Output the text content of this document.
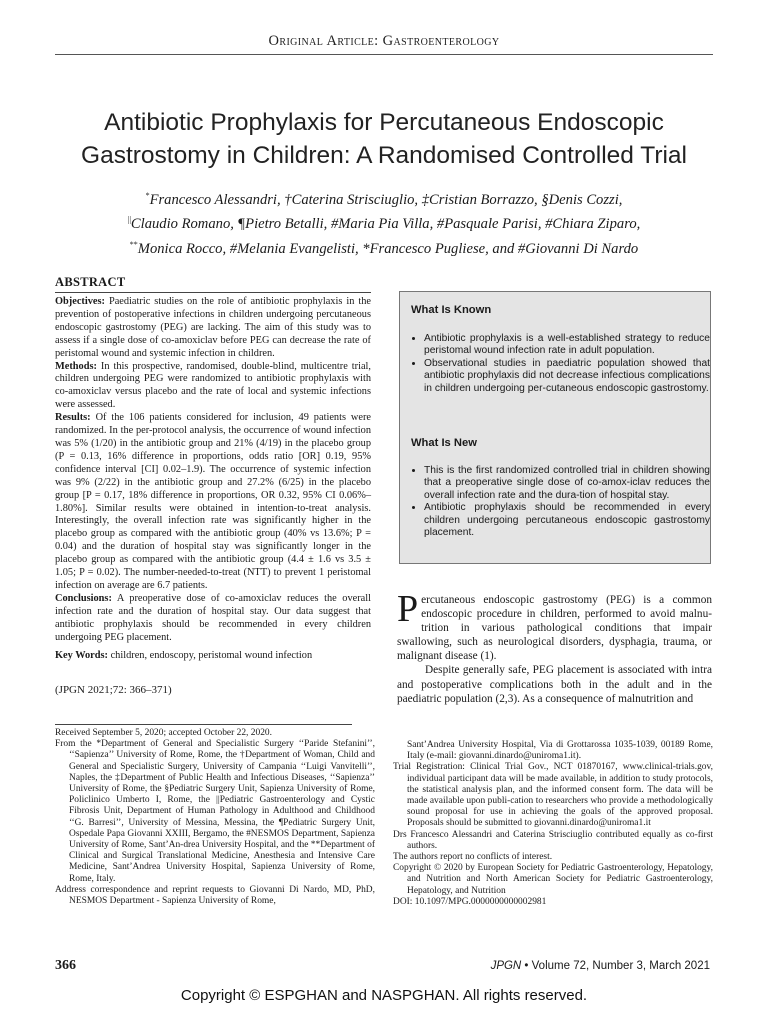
Original Article: Gastroenterology
Antibiotic Prophylaxis for Percutaneous Endoscopic
Gastrostomy in Children: A Randomised Controlled Trial
*Francesco Alessandri, †Caterina Strisciuglio, ‡Cristian Borrazzo, §Denis Cozzi,
||Claudio Romano, ¶Pietro Betalli, #Maria Pia Villa, #Pasquale Parisi, #Chiara Ziparo,
**Monica Rocco, #Melania Evangelisti, *Francesco Pugliese, and #Giovanni Di Nardo
ABSTRACT

Objectives: Paediatric studies on the role of antibiotic prophylaxis in the prevention of postoperative infections in children undergoing percutaneous endoscopic gastrostomy (PEG) are lacking. The aim of this study was to assess if a single dose of co-amoxiclav before PEG can decrease the rate of peristomal wound and systemic infection in children.

Methods: In this prospective, randomised, double-blind, multicentre trial, children undergoing PEG were randomized to antibiotic prophylaxis with co-amoxiclav versus placebo and the rate of local and systemic infections were assessed.

Results: Of the 106 patients considered for inclusion, 49 patients were randomized. In the per-protocol analysis, the occurrence of wound infection was 5% (1/20) in the antibiotic group and 21% (4/19) in the placebo group (P = 0.13, 16% difference in proportions, odds ratio [OR] 0.19, 95% confidence interval [CI] 0.02–1.9). The occurrence of systemic infection was 9% (2/22) in the antibiotic group and 27.2% (6/25) in the placebo group [P = 0.17, 18% difference in proportions, OR 0.32, 95% CI 0.06%–1.80%]. Similar results were obtained in intention-to-treat analysis. Interestingly, the overall infection rate was significantly higher in the placebo group as compared with the antibiotic group (40% vs 13.6%; P = 0.04) and the duration of hospital stay was significantly longer in the placebo group as compared with the antibiotic group (4.4 ± 1.6 vs 3.5 ± 1.05; P = 0.02). The number-needed-to-treat (NTT) to prevent 1 peristomal infection on average are 6.7 patients.

Conclusions: A preoperative dose of co-amoxiclav reduces the overall infection rate and the duration of hospital stay. Our data suggest that antibiotic prophylaxis should be recommended in every children undergoing PEG placement.

Key Words: children, endoscopy, peristomal wound infection

(JPGN 2021;72: 366–371)
What Is Known
• Antibiotic prophylaxis is a well-established strategy to reduce peristomal wound infection rate in adult population.
• Observational studies in paediatric population showed that antibiotic prophylaxis did not decrease infectious complications in children undergoing per-cutaneous endoscopic gastrostomy.
What Is New
• This is the first randomized controlled trial in children showing that a preoperative single dose of co-amox-iclav reduces the overall infection rate and the dura-tion of hospital stay.
• Antibiotic prophylaxis should be recommended in every children undergoing percutaneous endoscopic gastrostomy placement.

Percutaneous endoscopic gastrostomy (PEG) is a common endoscopic procedure in children, performed to avoid malnu-trition in various pathological conditions that impair swallowing, such as neurological disorders, dysphagia, trauma, or malignant disease (1).

Despite generally safe, PEG placement is associated with intra and postoperative complications both in the adult and in the paediatric population (2,3). As a consequence of malnutrition and

Received September 5, 2020; accepted October 22, 2020.

From the *Department of General and Specialistic Surgery ‘‘Paride Stefanini’’, ‘‘Sapienza’’ University of Rome, Rome, the †Department of Woman, Child and General and Specialistic Surgery, University of Campania ‘‘Luigi Vanvitelli’’, Naples, the ‡Department of Public Health and Infectious Diseases, ‘‘Sapienza’’ University of Rome, the §Pediatric Surgery Unit, Sapienza University of Rome, Policlinico Umberto I, Rome, the ||Pediatric Gastroenterology and Cystic Fibrosis Unit, Department of Human Pathology in Adulthood and Childhood ‘‘G. Barresi’’, University of Messina, Messina, the ¶Pediatric Surgery Unit, Ospedale Papa Giovanni XXIII, Bergamo, the #NESMOS Department, Sapienza University of Rome, Sant’An-drea University Hospital, and the **Department of Clinical and Surgical Translational Medicine, Anesthesia and Intensive Care Medicine, Sant’Andrea University Hospital, Sapienza University of Rome, Rome, Italy.

Address correspondence and reprint requests to Giovanni Di Nardo, MD, PhD, NESMOS Department - Sapienza University of Rome,

Sant’Andrea University Hospital, Via di Grottarossa 1035-1039, 00189 Rome, Italy (e-mail: giovanni.dinardo@uniroma1.it).

Trial Registration: Clinical Trial Gov., NCT 01870167, www.clinical-trials.gov, individual participant data will be made available, in addition to study protocols, the statistical analysis plan, and the informed consent form. The data will be made available upon publi-cation to researchers who provide a methodologically sound proposal for use in achieving the goals of the approved proposal. Proposals should be submitted to giovanni.dinardo@uniroma1.it

Drs Francesco Alessandri and Caterina Strisciuglio contributed equally as co-first authors.

The authors report no conflicts of interest.

Copyright © 2020 by European Society for Pediatric Gastroenterology, Hepatology, and Nutrition and North American Society for Pediatric Gastroenterology, Hepatology, and Nutrition

DOI: 10.1097/MPG.0000000000002981

366	JPGN • Volume 72, Number 3, March 2021
Copyright © ESPGHAN and NASPGHAN. All rights reserved.
